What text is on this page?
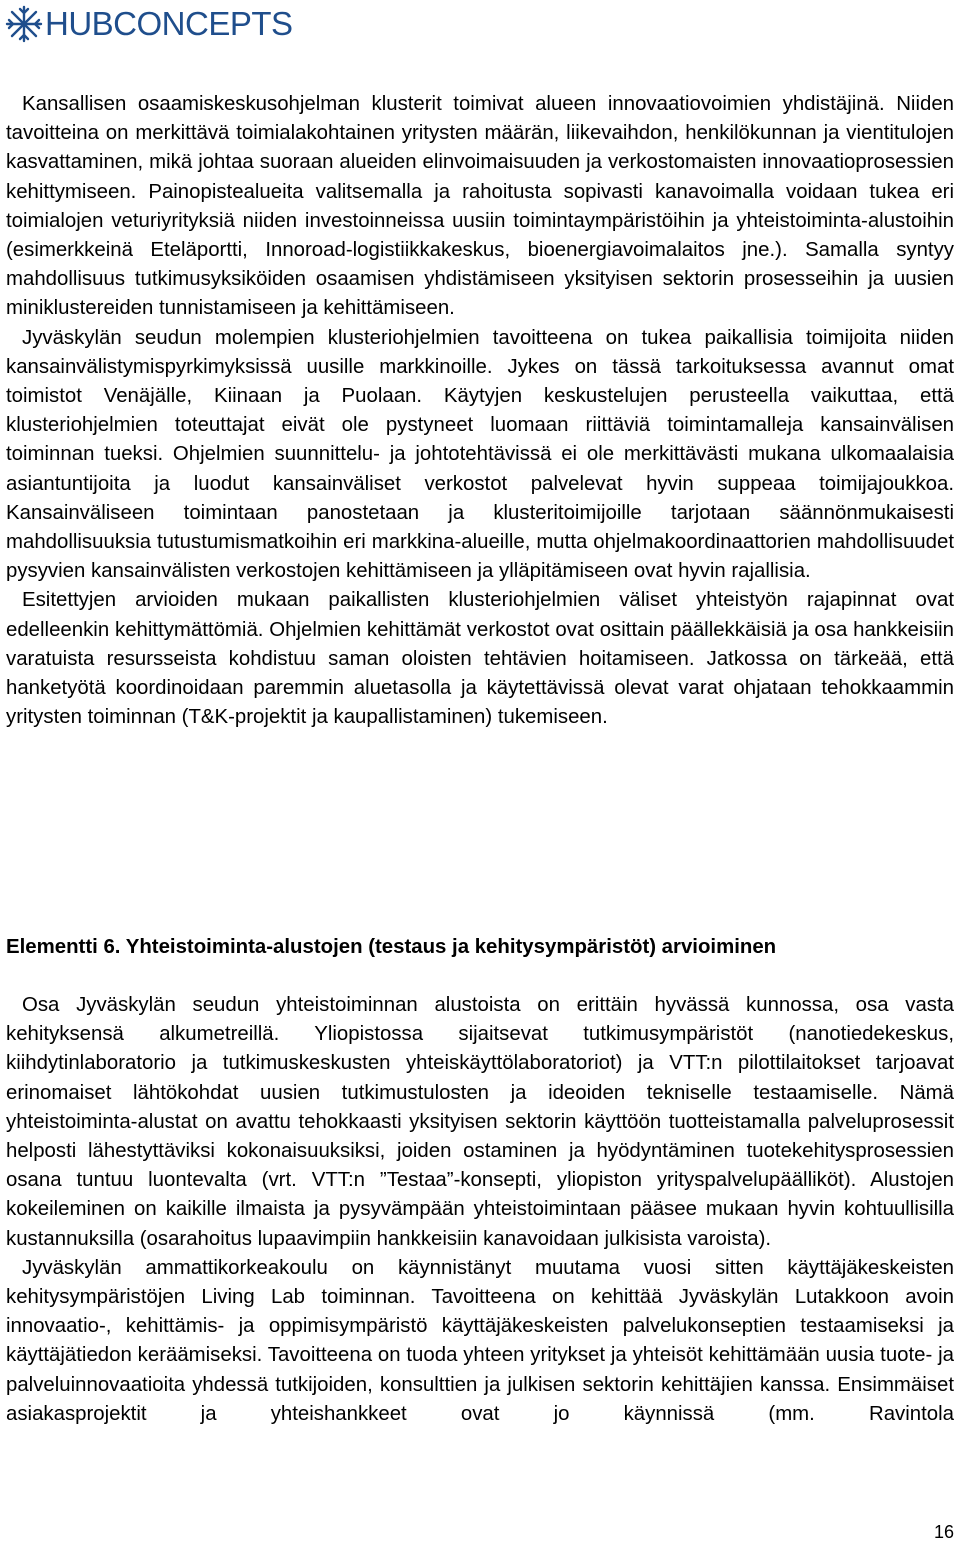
HUBCONCEPTS

Kansallisen osaamiskeskusohjelman klusterit toimivat alueen innovaatiovoimien yhdistäjinä. Niiden tavoitteina on merkittävä toimialakohtainen yritysten määrän, liikevaihdon, henkilökunnan ja vientitulojen kasvattaminen, mikä johtaa suoraan alueiden elinvoimaisuuden ja verkostomaisten innovaatioprosessien kehittymiseen. Painopistealueita valitsemalla ja rahoitusta sopivasti kanavoimalla voidaan tukea eri toimialojen veturiyrityksiä niiden investoinneissa uusiin toimintaympäristöihin ja yhteistoiminta-alustoihin (esimerkkeinä Eteläportti, Innoroad-logistiikkakeskus, bioenergiavoimalaitos jne.). Samalla syntyy mahdollisuus tutkimusyksiköiden osaamisen yhdistämiseen yksityisen sektorin prosesseihin ja uusien miniklustereiden tunnistamiseen ja kehittämiseen.

Jyväskylän seudun molempien klusteriohjelmien tavoitteena on tukea paikallisia toimijoita niiden kansainvälistymispyrkimyksissä uusille markkinoille. Jykes on tässä tarkoituksessa avannut omat toimistot Venäjälle, Kiinaan ja Puolaan. Käytyjen keskustelujen perusteella vaikuttaa, että klusteriohjelmien toteuttajat eivät ole pystyneet luomaan riittäviä toimintamalleja kansainvälisen toiminnan tueksi. Ohjelmien suunnittelu- ja johtotehtävissä ei ole merkittävästi mukana ulkomaalaisia asiantuntijoita ja luodut kansainväliset verkostot palvelevat hyvin suppeaa toimijajoukkoa. Kansainväliseen toimintaan panostetaan ja klusteritoimijoille tarjotaan säännönmukaisesti mahdollisuuksia tutustumismatkoihin eri markkina-alueille, mutta ohjelmakoordinaattorien mahdollisuudet pysyvien kansainvälisten verkostojen kehittämiseen ja ylläpitämiseen ovat hyvin rajallisia.

Esitettyjen arvioiden mukaan paikallisten klusteriohjelmien väliset yhteistyön rajapinnat ovat edelleenkin kehittymättömiä. Ohjelmien kehittämät verkostot ovat osittain päällekkäisiä ja osa hankkeisiin varatuista resursseista kohdistuu saman oloisten tehtävien hoitamiseen. Jatkossa on tärkeää, että hanketyötä koordinoidaan paremmin aluetasolla ja käytettävissä olevat varat ohjataan tehokkaammin yritysten toiminnan (T&K-projektit ja kaupallistaminen) tukemiseen.

Elementti 6. Yhteistoiminta-alustojen (testaus ja kehitysympäristöt) arvioiminen

Osa Jyväskylän seudun yhteistoiminnan alustoista on erittäin hyvässä kunnossa, osa vasta kehityksensä alkumetreillä. Yliopistossa sijaitsevat tutkimusympäristöt (nanotiedekeskus, kiihdytinlaboratorio ja tutkimuskeskusten yhteiskäyttölaboratoriot) ja VTT:n pilottilaitokset tarjoavat erinomaiset lähtökohdat uusien tutkimustulosten ja ideoiden tekniselle testaamiselle. Nämä yhteistoiminta-alustat on avattu tehokkaasti yksityisen sektorin käyttöön tuotteistamalla palveluprosessit helposti lähestyttäviksi kokonaisuuksiksi, joiden ostaminen ja hyödyntäminen tuotekehitysprosessien osana tuntuu luontevalta (vrt. VTT:n ”Testaa”-konsepti, yliopiston yrityspalvelupäälliköt). Alustojen kokeileminen on kaikille ilmaista ja pysyvämpään yhteistoimintaan pääsee mukaan hyvin kohtuullisilla kustannuksilla (osarahoitus lupaavimpiin hankkeisiin kanavoidaan julkisista varoista).

Jyväskylän ammattikorkeakoulu on käynnistänyt muutama vuosi sitten käyttäjäkeskeisten kehitysympäristöjen Living Lab toiminnan. Tavoitteena on kehittää Jyväskylän Lutakkoon avoin innovaatio-, kehittämis- ja oppimisympäristö käyttäjäkeskeisten palvelukonseptien testaamiseksi ja käyttäjätiedon keräämiseksi. Tavoitteena on tuoda yhteen yritykset ja yhteisöt kehittämään uusia tuote- ja palveluinnovaatioita yhdessä tutkijoiden, konsulttien ja julkisen sektorin kehittäjien kanssa. Ensimmäiset asiakasprojektit ja yhteishankkeet ovat jo käynnissä (mm. Ravintola

16
